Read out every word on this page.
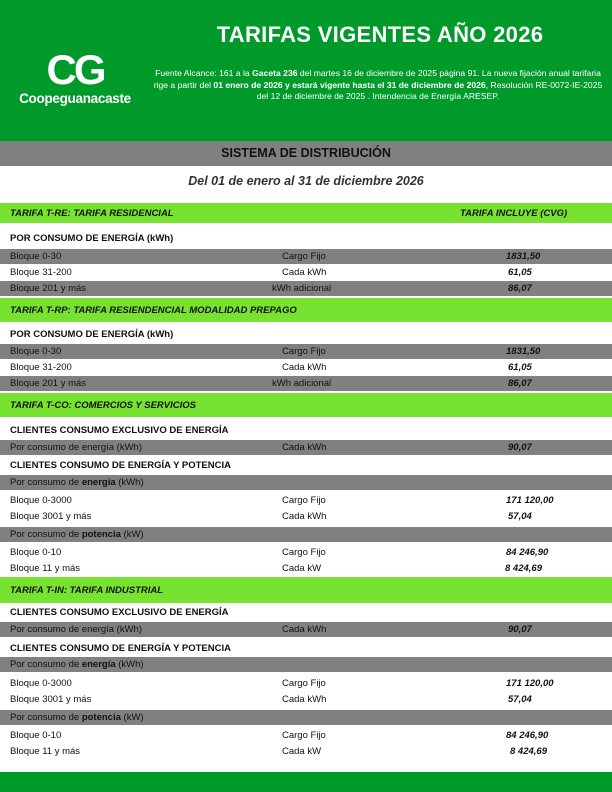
CG
Coopeguanacaste
TARIFAS VIGENTES AÑO 2026
Fuente Alcance: 161 a la Gaceta 236 del martes 16 de diciembre de 2025 página 91. La nueva fijación anual tarifaria rige a partir del 01 enero de 2026 y estará vigente hasta el 31 de diciembre de 2026, Resolución RE-0072-IE-2025 del 12 de diciembre de 2025 . Intendencia de Energía ARESEP.
SISTEMA DE DISTRIBUCIÓN
Del 01 de enero al 31 de diciembre 2026
TARIFA T-RE: TARIFA RESIDENCIAL	TARIFA INCLUYE (CVG)
POR CONSUMO DE ENERGÍA (kWh)
Bloque 0-30	Cargo Fijo	1831,50
Bloque 31-200	Cada kWh	61,05
Bloque 201 y más	kWh adicional	86,07
TARIFA T-RP: TARIFA RESIENDENCIAL MODALIDAD PREPAGO
POR CONSUMO DE ENERGÍA (kWh)
Bloque 0-30	Cargo Fijo	1831,50
Bloque 31-200	Cada kWh	61,05
Bloque 201 y más	kWh adicional	86,07
TARIFA T-CO: COMERCIOS Y SERVICIOS
CLIENTES CONSUMO EXCLUSIVO DE ENERGÍA
Por consumo de energía (kWh)	Cada kWh	90,07
CLIENTES CONSUMO DE ENERGÍA Y POTENCIA
Por consumo de energía (kWh)
Bloque 0-3000	Cargo Fijo	171 120,00
Bloque 3001 y más	Cada kWh	57,04
Por consumo de potencia (kW)
Bloque 0-10	Cargo Fijo	84 246,90
Bloque 11 y más	Cada kW	8 424,69
TARIFA T-IN: TARIFA INDUSTRIAL
CLIENTES CONSUMO EXCLUSIVO DE ENERGÍA
Por consumo de energía (kWh)	Cada kWh	90,07
CLIENTES CONSUMO DE ENERGÍA Y POTENCIA
Por consumo de energía (kWh)
Bloque 0-3000	Cargo Fijo	171 120,00
Bloque 3001 y más	Cada kWh	57,04
Por consumo de potencia (kW)
Bloque 0-10	Cargo Fijo	84 246,90
Bloque 11 y más	Cada kW	8 424,69
